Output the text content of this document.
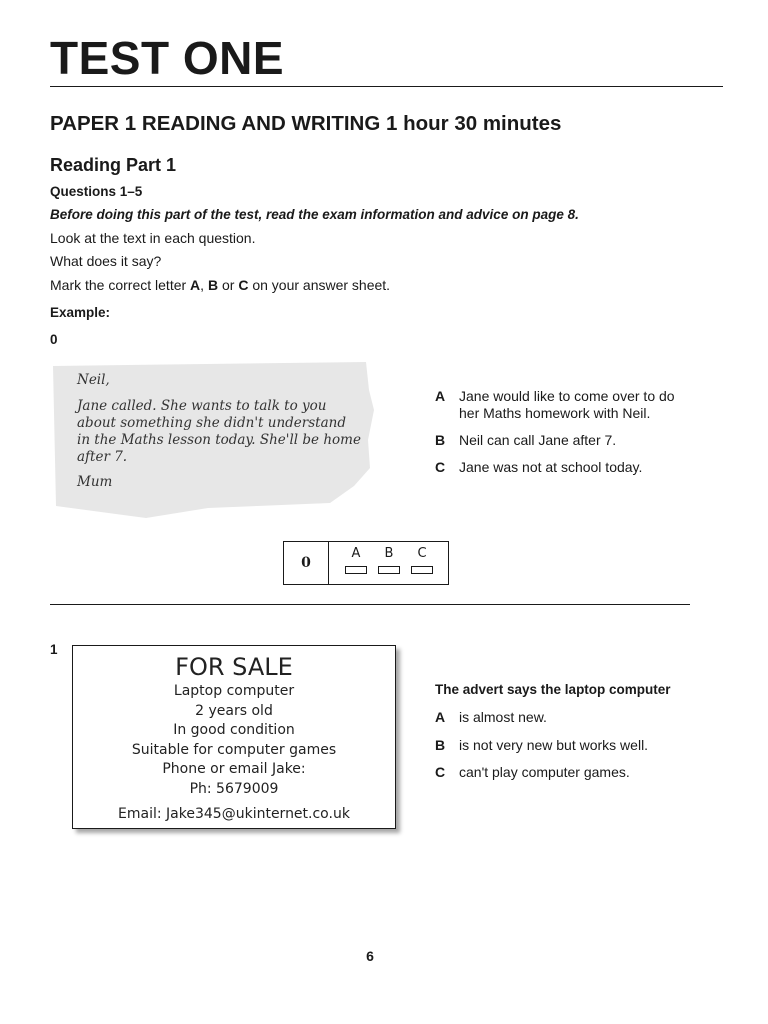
TEST ONE
PAPER 1 READING AND WRITING 1 hour 30 minutes
Reading Part 1
Questions 1–5
Before doing this part of the test, read the exam information and advice on page 8.
Look at the text in each question.
What does it say?
Mark the correct letter A, B or C on your answer sheet.
Example:
0
Neil,
Jane called. She wants to talk to you about something she didn't understand in the Maths lesson today. She'll be home after 7.
Mum
A Jane would like to come over to do her Maths homework with Neil.
B Neil can call Jane after 7.
C Jane was not at school today.
0
A	B	C
1
FOR SALE
Laptop computer
2 years old
In good condition
Suitable for computer games
Phone or email Jake:
Ph: 5679009
Email: Jake345@ukinternet.co.uk
The advert says the laptop computer
A is almost new.
B is not very new but works well.
C can't play computer games.
6
